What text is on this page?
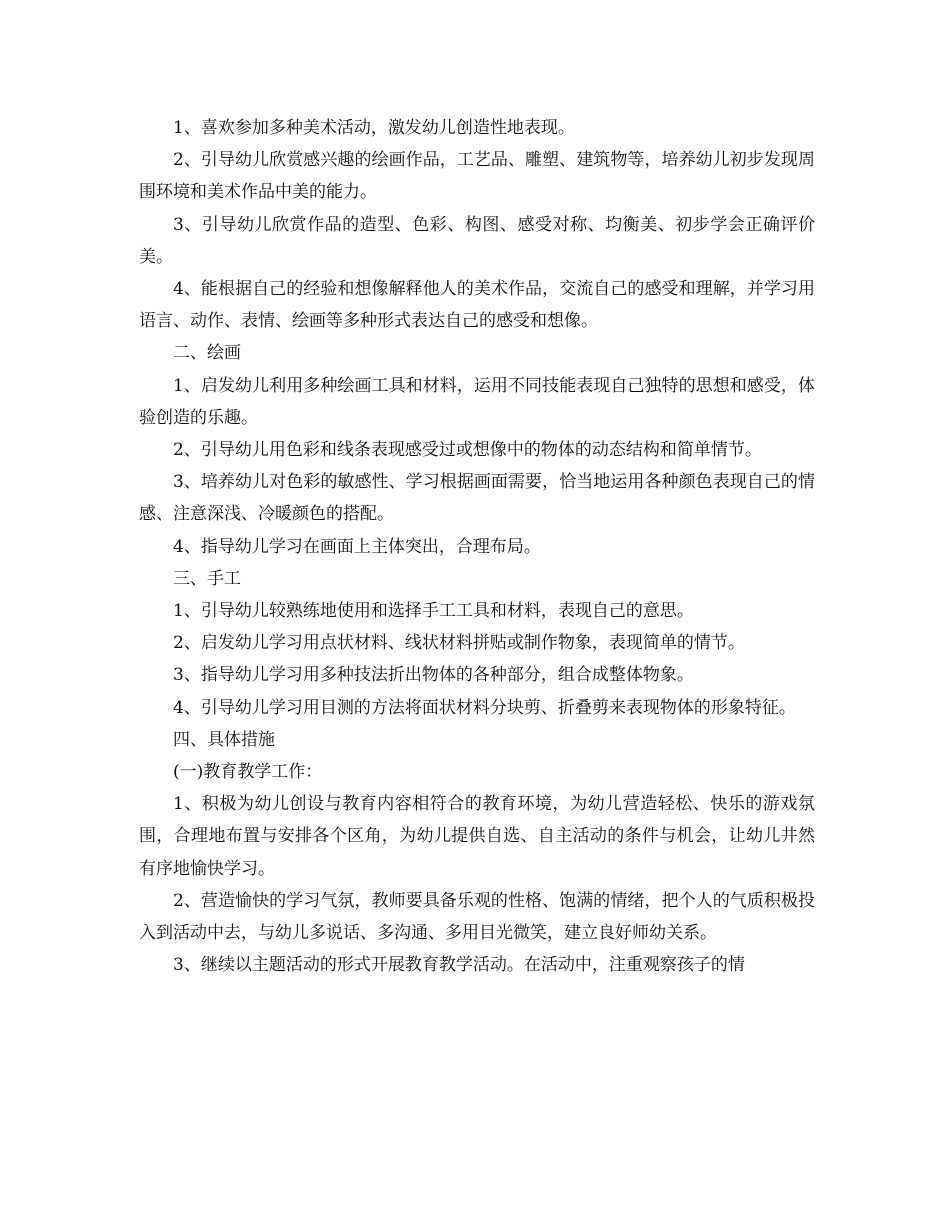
1、喜欢参加多种美术活动，激发幼儿创造性地表现。

2、引导幼儿欣赏感兴趣的绘画作品，工艺品、雕塑、建筑物等，培养幼儿初步发现周围环境和美术作品中美的能力。

3、引导幼儿欣赏作品的造型、色彩、构图、感受对称、均衡美、初步学会正确评价美。

4、能根据自己的经验和想像解释他人的美术作品，交流自己的感受和理解，并学习用语言、动作、表情、绘画等多种形式表达自己的感受和想像。

二、绘画

1、启发幼儿利用多种绘画工具和材料，运用不同技能表现自己独特的思想和感受，体验创造的乐趣。

2、引导幼儿用色彩和线条表现感受过或想像中的物体的动态结构和简单情节。

3、培养幼儿对色彩的敏感性、学习根据画面需要，恰当地运用各种颜色表现自己的情感、注意深浅、冷暖颜色的搭配。

4、指导幼儿学习在画面上主体突出，合理布局。

三、手工

1、引导幼儿较熟练地使用和选择手工工具和材料，表现自己的意思。

2、启发幼儿学习用点状材料、线状材料拼贴或制作物象，表现简单的情节。

3、指导幼儿学习用多种技法折出物体的各种部分，组合成整体物象。

4、引导幼儿学习用目测的方法将面状材料分块剪、折叠剪来表现物体的形象特征。

四、具体措施

(一)教育教学工作：

1、积极为幼儿创设与教育内容相符合的教育环境，为幼儿营造轻松、快乐的游戏氛围，合理地布置与安排各个区角，为幼儿提供自选、自主活动的条件与机会，让幼儿井然有序地愉快学习。

2、营造愉快的学习气氛，教师要具备乐观的性格、饱满的情绪，把个人的气质积极投入到活动中去，与幼儿多说话、多沟通、多用目光微笑，建立良好师幼关系。

3、继续以主题活动的形式开展教育教学活动。在活动中，注重观察孩子的情
